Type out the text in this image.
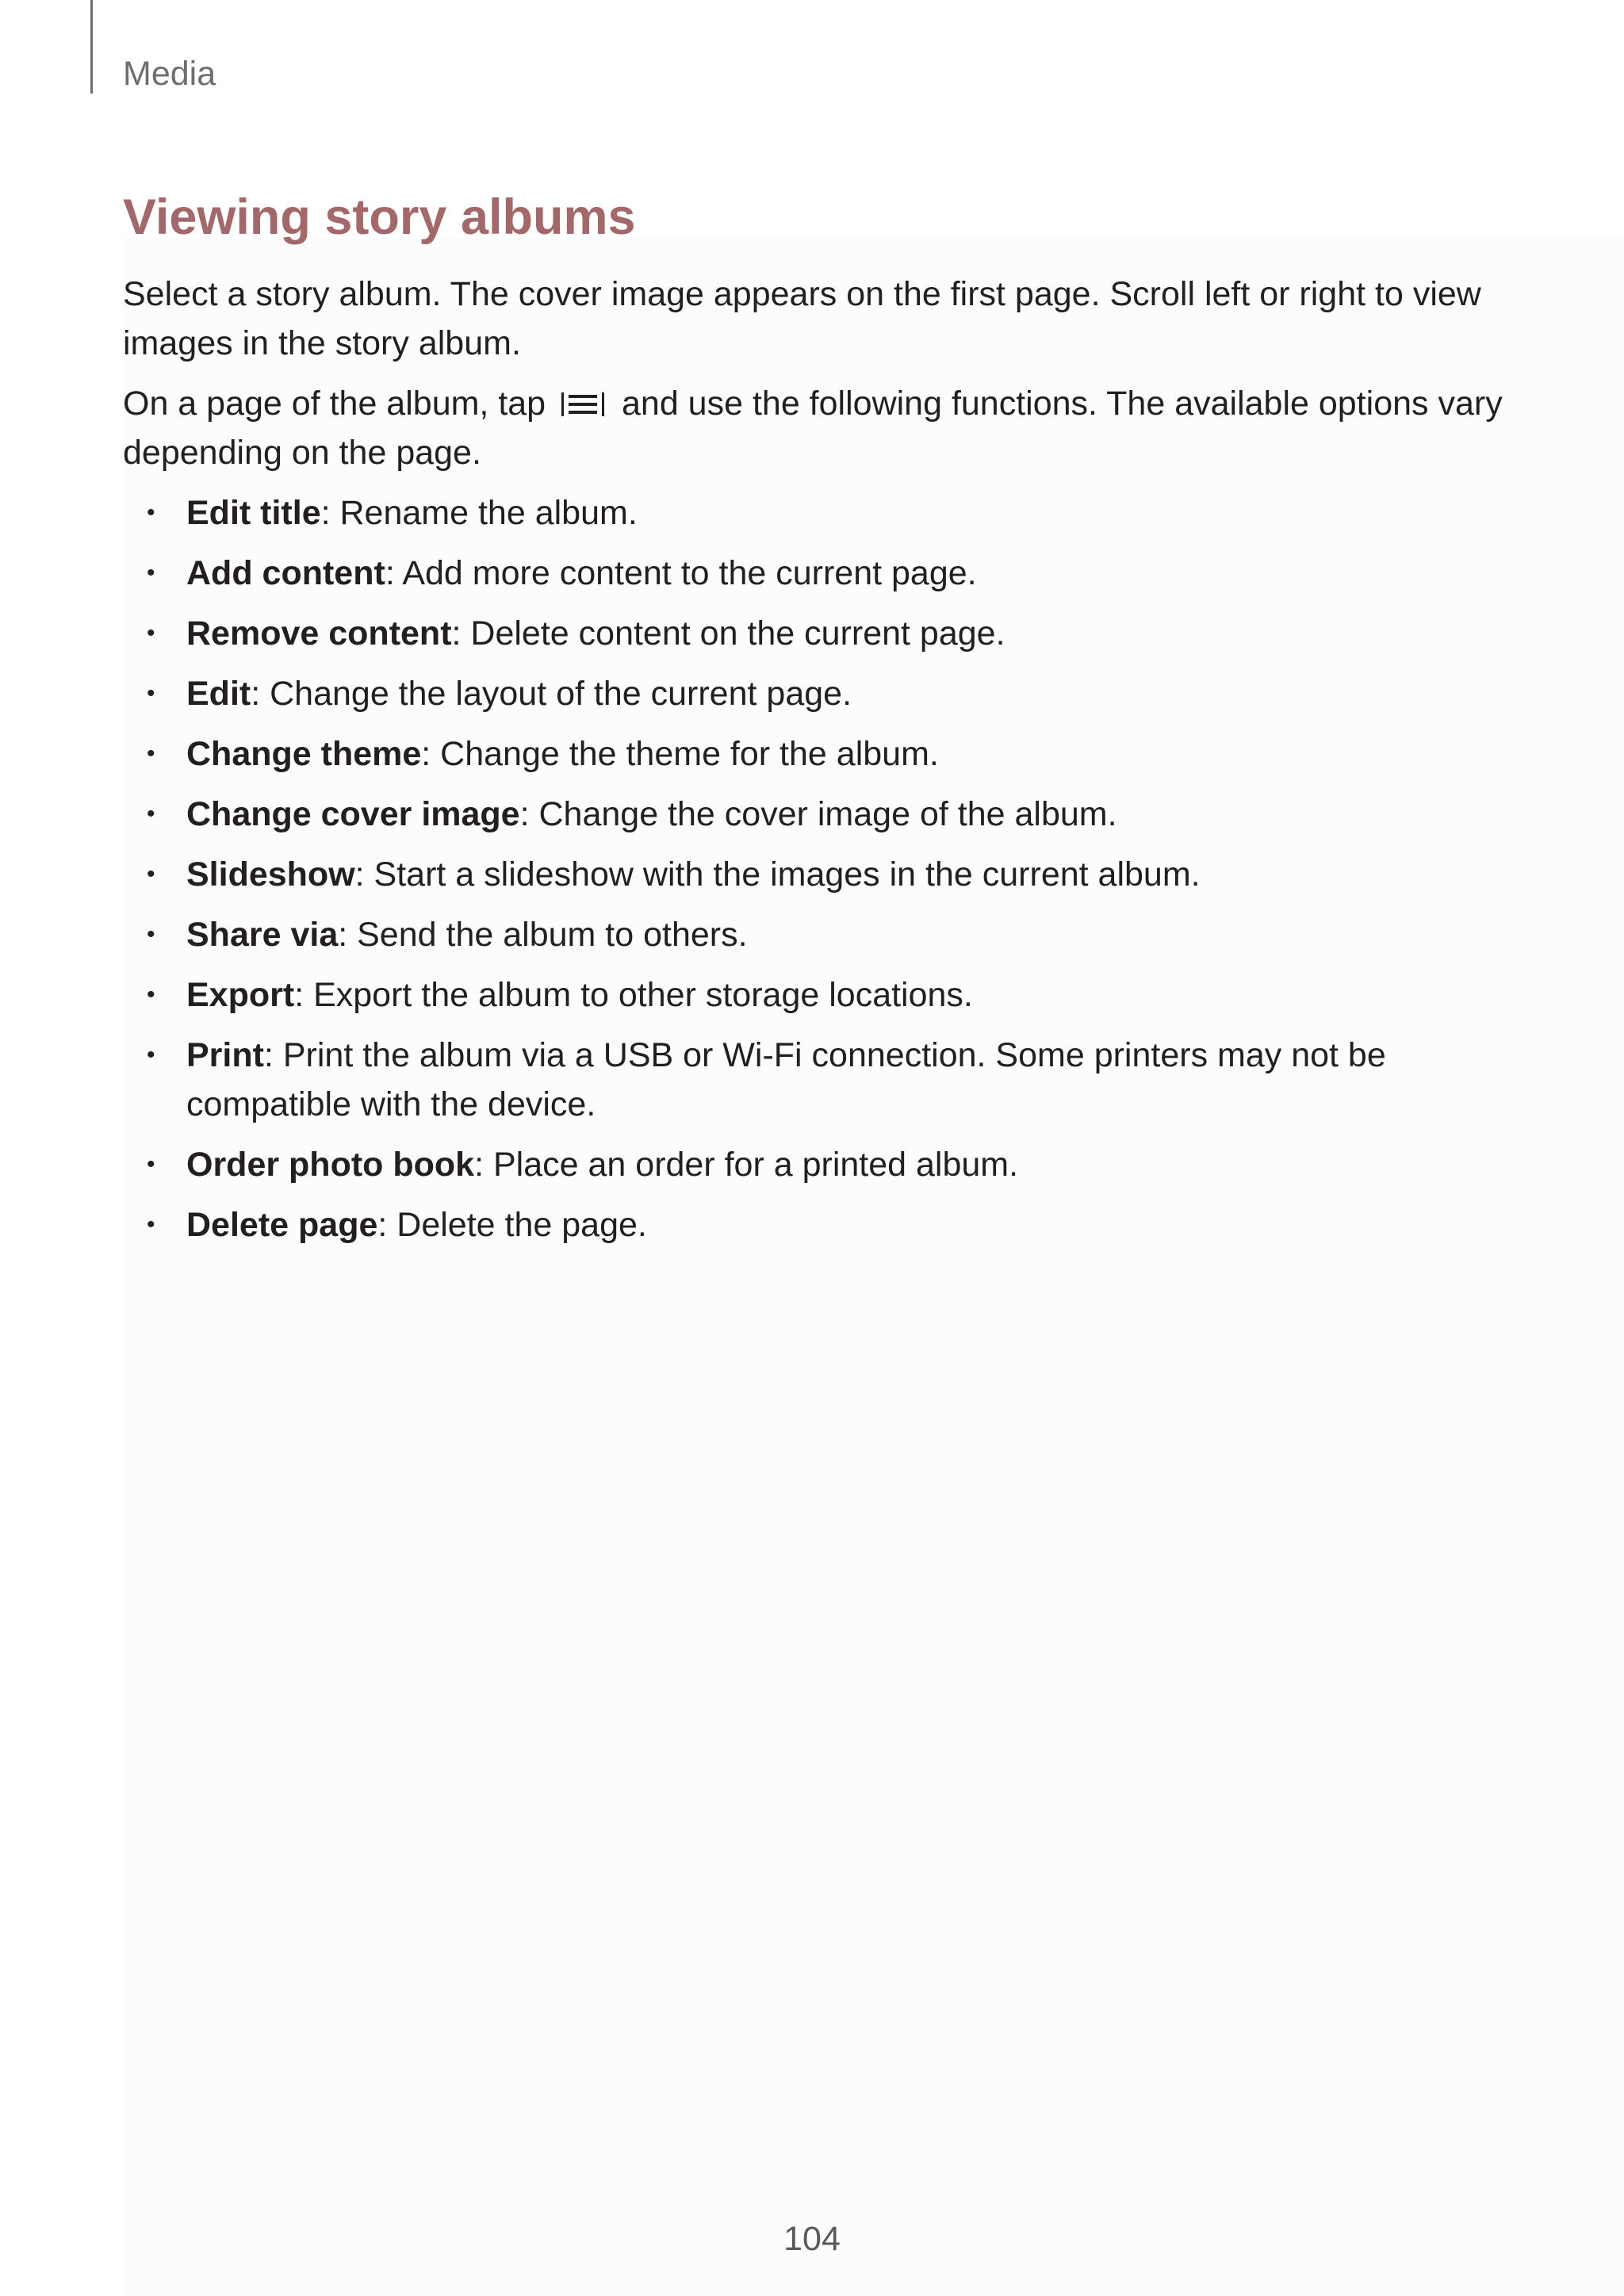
Media
Viewing story albums

Select a story album. The cover image appears on the first page. Scroll left or right to view images in the story album.

On a page of the album, tap
and use the following functions. The available options vary depending on the page.

• Edit title: Rename the album.
• Add content: Add more content to the current page.
• Remove content: Delete content on the current page.
• Edit: Change the layout of the current page.
• Change theme: Change the theme for the album.
• Change cover image: Change the cover image of the album.
• Slideshow: Start a slideshow with the images in the current album.
• Share via: Send the album to others.
• Export: Export the album to other storage locations.
• Print: Print the album via a USB or Wi-Fi connection. Some printers may not be compatible with the device.
• Order photo book: Place an order for a printed album.
• Delete page: Delete the page.
104
